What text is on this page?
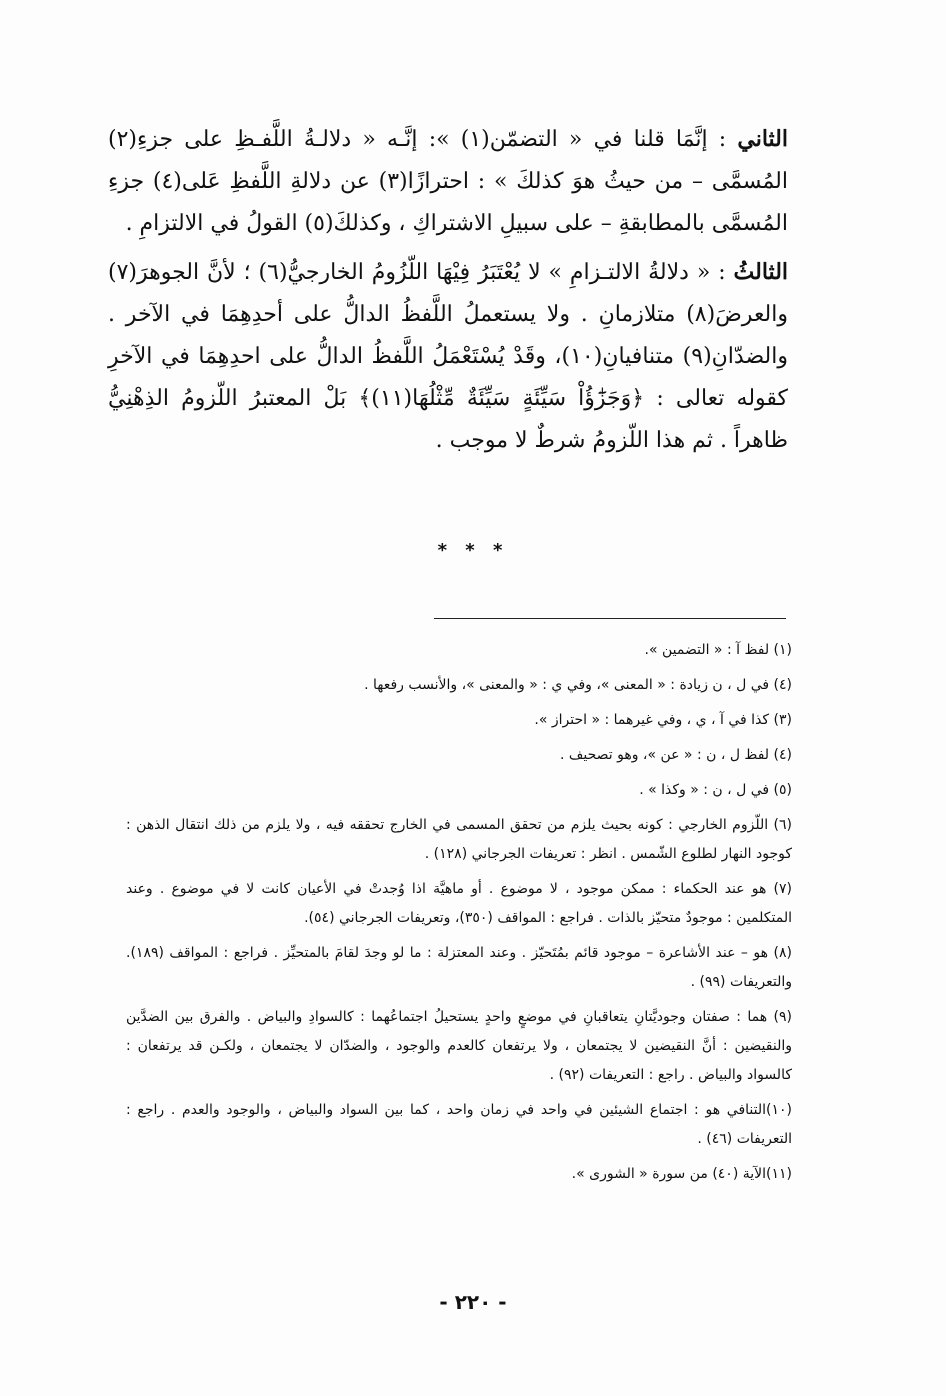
الثاني : إنَّمَا قلنا في « التضمّن(١) »: إنَّـه « دلالـةُ اللَّفـظِ على جزءِ(٢) المُسمَّى – من حيثُ هوَ كذلكَ » : احترازًا(٣) عن دلالةِ اللَّفظِ عَلى(٤) جزءِ المُسمَّى بالمطابقةِ – على سبيلِ الاشتراكِ ، وكذلكَ(٥) القولُ في الالتزامِ .

الثالثُ : « دلالةُ الالتـزامِ » لا يُعْتَبَرُ فِيْهَا اللّزُومُ الخارجيُّ(٦) ؛ لأنَّ الجوهرَ(٧) والعرضَ(٨) متلازمانِ . ولا يستعملُ اللَّفظُ الدالُّ على أحدِهِمَا في الآخر . والضدّانِ(٩) متنافيانِ(١٠)، وقَدْ يُسْتَعْمَلُ اللَّفظُ الدالُّ على احدِهِمَا في الآخرِ كقوله تعالى : ﴿وَجَزَٰٓؤُاْ سَيِّئَةٍ سَيِّئَةٌ مِّثْلُهَا(١١)﴾ بَلْ المعتبرُ اللّزومُ الذِهْنِيُّ ظاهراً . ثم هذا اللّزومُ شرطٌ لا موجب .

* * *
(١) لفظ آ : « التضمين ».
(٤) في ل ، ن زيادة : « المعنى »، وفي ي : « والمعنى »، والأنسب رفعها .
(٣) كذا في آ ، ي ، وفي غيرهما : « احتراز ».
(٤) لفظ ل ، ن : « عن »، وهو تصحيف .
(٥) في ل ، ن : « وكذا » .
(٦) اللّزوم الخارجي : كونه بحيث يلزم من تحقق المسمى في الخارج تحققه فيه ، ولا يلزم من ذلك انتقال الذهن : كوجود النهار لطلوع الشّمس . انظر : تعريفات الجرجاني (١٢٨) .
(٧) هو عند الحكماء : ممكن موجود ، لا موضوع . أو ماهيَّة اذا وُجدتْ في الأعيان كانت لا في موضوع . وعند المتكلمين : موجودٌ متحيّز بالذات . فراجع : المواقف (٣٥٠)، وتعريفات الجرجاني (٥٤).
(٨) هو – عند الأشاعرة – موجود قائم بمُتَحيّز . وعند المعتزلة : ما لو وجدَ لقامَ بالمتحيِّز . فراجع : المواقف (١٨٩). والتعريفات (٩٩) .
(٩) هما : صفتان وجوديَّتانِ يتعاقبانِ في موضعٍ واحدٍ يستحيلُ اجتماعُهما : كالسوادِ والبياض . والفرق بين الضدَّين والنقيضين : أنَّ النقيضين لا يجتمعان ، ولا يرتفعان كالعدم والوجود ، والضدّان لا يجتمعان ، ولكـن قد يرتفعان : كالسواد والبياض . راجع : التعريفات (٩٢) .
(١٠)التنافي هو : اجتماع الشيئين في واحد في زمان واحد ، كما بين السواد والبياض ، والوجود والعدم . راجع : التعريفات (٤٦) .
(١١)الآية (٤٠) من سورة « الشورى ».
- ٢٢٠ -
